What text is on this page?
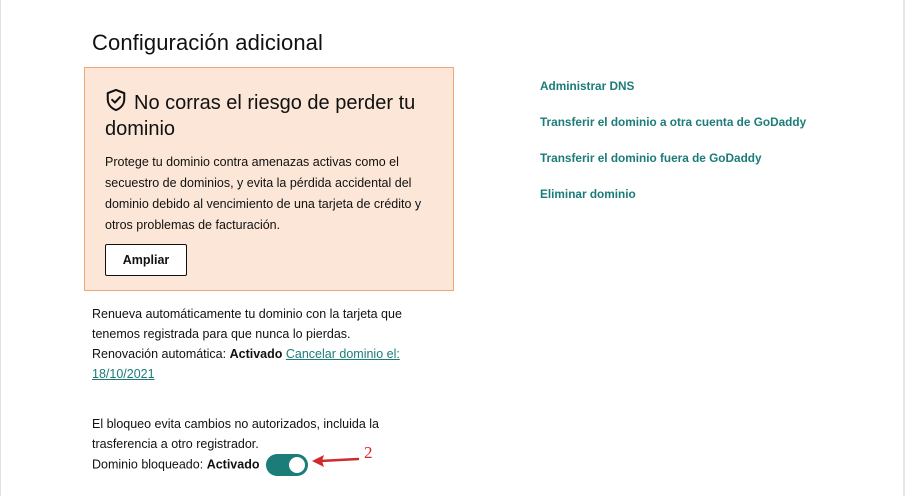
Configuración adicional
No corras el riesgo de perder tu dominio
Protege tu dominio contra amenazas activas como el secuestro de dominios, y evita la pérdida accidental del dominio debido al vencimiento de una tarjeta de crédito y otros problemas de facturación.
Ampliar
Renueva automáticamente tu dominio con la tarjeta que tenemos registrada para que nunca lo pierdas.
Renovación automática: Activado Cancelar dominio el: 18/10/2021
El bloqueo evita cambios no autorizados, incluida la trasferencia a otro registrador.
Dominio bloqueado: Activado
2
Administrar DNS
Transferir el dominio a otra cuenta de GoDaddy
Transferir el dominio fuera de GoDaddy
Eliminar dominio
